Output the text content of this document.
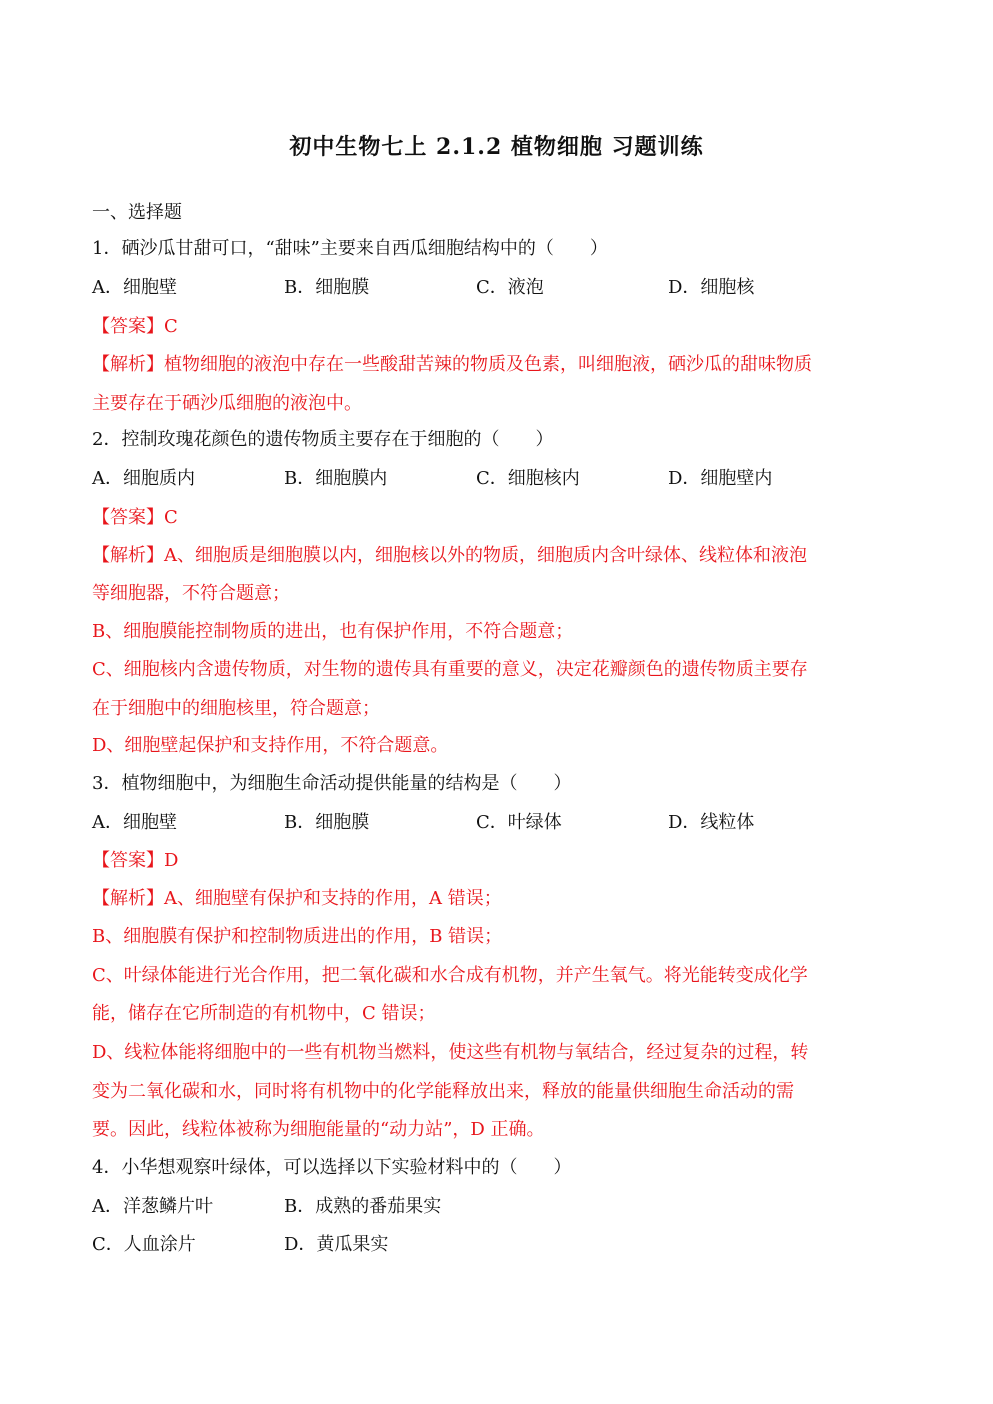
初中生物七上 2.1.2 植物细胞 习题训练
一、选择题
1．硒沙瓜甘甜可口，“甜味”主要来自西瓜细胞结构中的（　　）
A．细胞壁	B．细胞膜	C．液泡	D．细胞核
【答案】C
【解析】植物细胞的液泡中存在一些酸甜苦辣的物质及色素，叫细胞液，硒沙瓜的甜味物质
主要存在于硒沙瓜细胞的液泡中。
2．控制玫瑰花颜色的遗传物质主要存在于细胞的（　　）
A．细胞质内	B．细胞膜内	C．细胞核内	D．细胞壁内
【答案】C
【解析】A、细胞质是细胞膜以内，细胞核以外的物质，细胞质内含叶绿体、线粒体和液泡
等细胞器，不符合题意；
B、细胞膜能控制物质的进出，也有保护作用，不符合题意；
C、细胞核内含遗传物质，对生物的遗传具有重要的意义，决定花瓣颜色的遗传物质主要存
在于细胞中的细胞核里，符合题意；
D、细胞壁起保护和支持作用，不符合题意。
3．植物细胞中，为细胞生命活动提供能量的结构是（　　）
A．细胞壁	B．细胞膜	C．叶绿体	D．线粒体
【答案】D
【解析】A、细胞壁有保护和支持的作用，A 错误；
B、细胞膜有保护和控制物质进出的作用，B 错误；
C、叶绿体能进行光合作用，把二氧化碳和水合成有机物，并产生氧气。将光能转变成化学
能，储存在它所制造的有机物中，C 错误；
D、线粒体能将细胞中的一些有机物当燃料，使这些有机物与氧结合，经过复杂的过程，转
变为二氧化碳和水，同时将有机物中的化学能释放出来，释放的能量供细胞生命活动的需
要。因此，线粒体被称为细胞能量的“动力站”，D 正确。
4．小华想观察叶绿体，可以选择以下实验材料中的（　　）
A．洋葱鳞片叶	B．成熟的番茄果实
C．人血涂片	D．黄瓜果实
